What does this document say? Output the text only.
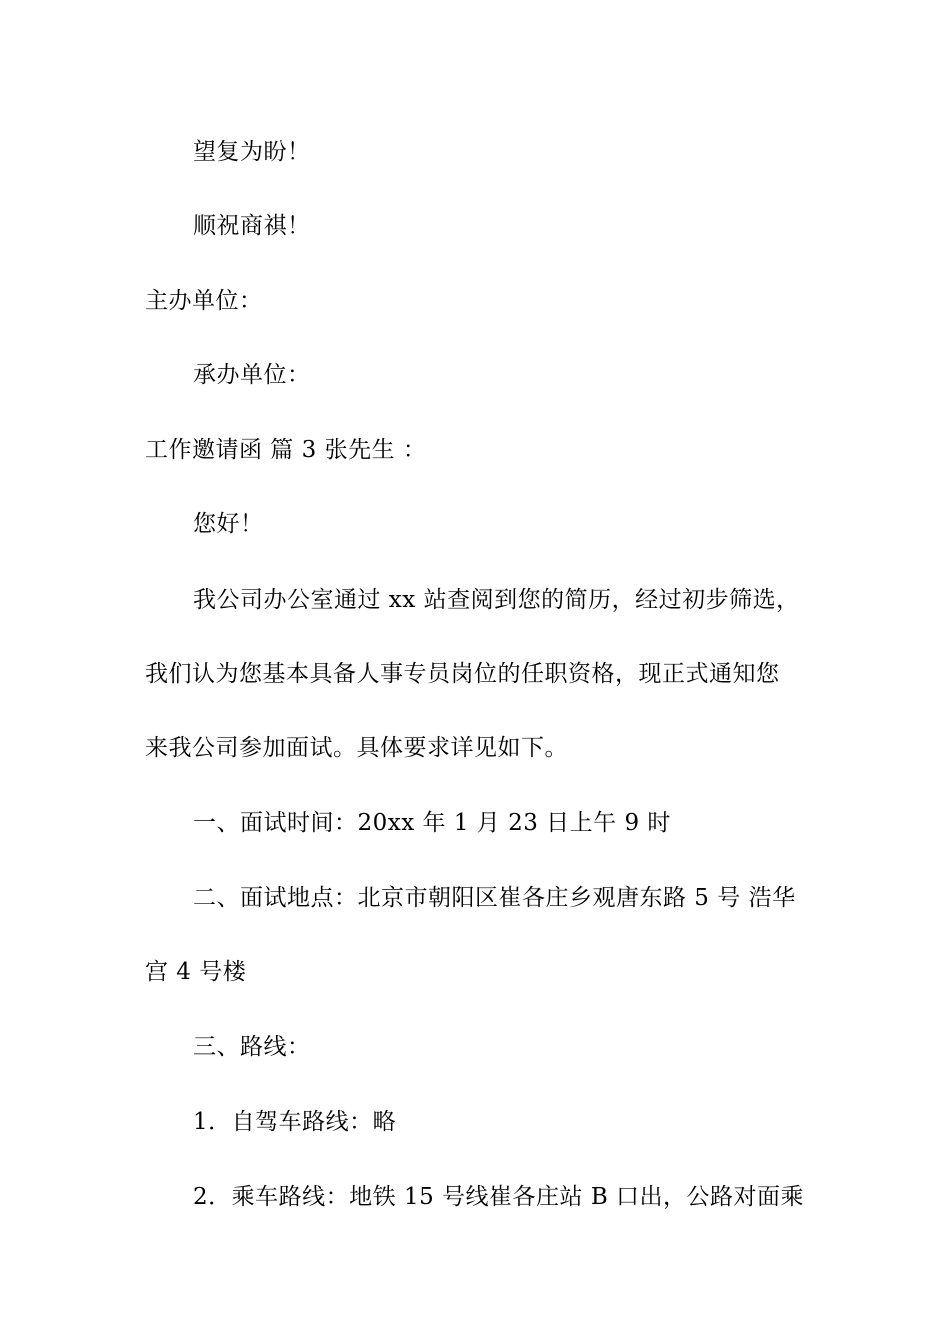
望复为盼！
顺祝商祺！
主办单位：
承办单位：
工作邀请函 篇 3 张先生 ：
您好！
我公司办公室通过 xx 站查阅到您的简历，经过初步筛选，
我们认为您基本具备人事专员岗位的任职资格，现正式通知您
来我公司参加面试。具体要求详见如下。
一、面试时间：20xx 年 1 月 23 日上午 9 时
二、面试地点：北京市朝阳区崔各庄乡观唐东路 5 号 浩华
宫 4 号楼
三、路线：
1．自驾车路线：略
2．乘车路线：地铁 15 号线崔各庄站 B 口出，公路对面乘
